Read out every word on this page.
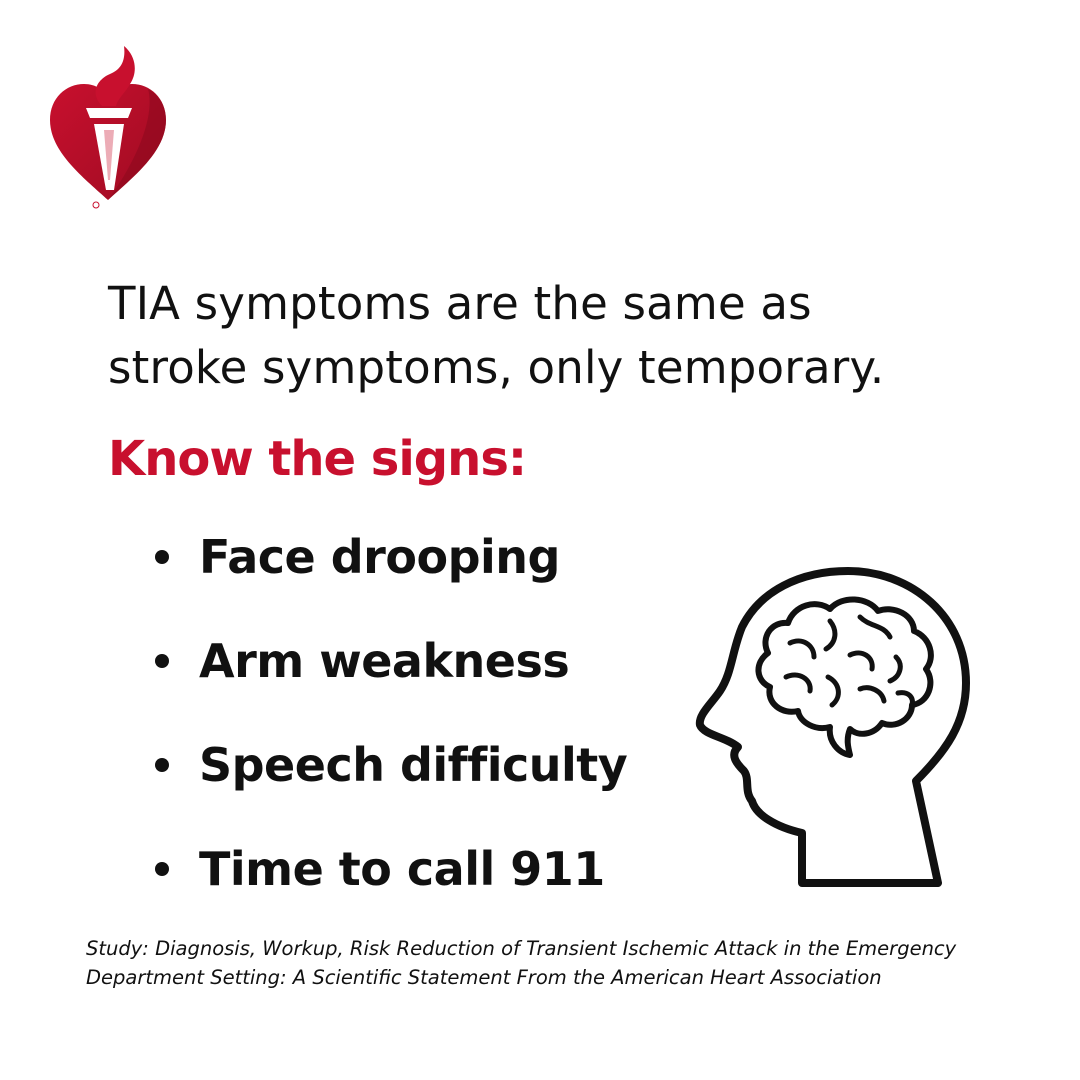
TIA symptoms are the same as
stroke symptoms, only temporary.
Know the signs:
Face drooping
Arm weakness
Speech difficulty
Time to call 911

Study: Diagnosis, Workup, Risk Reduction of Transient Ischemic Attack in the Emergency
Department Setting: A Scientific Statement From the American Heart Association
